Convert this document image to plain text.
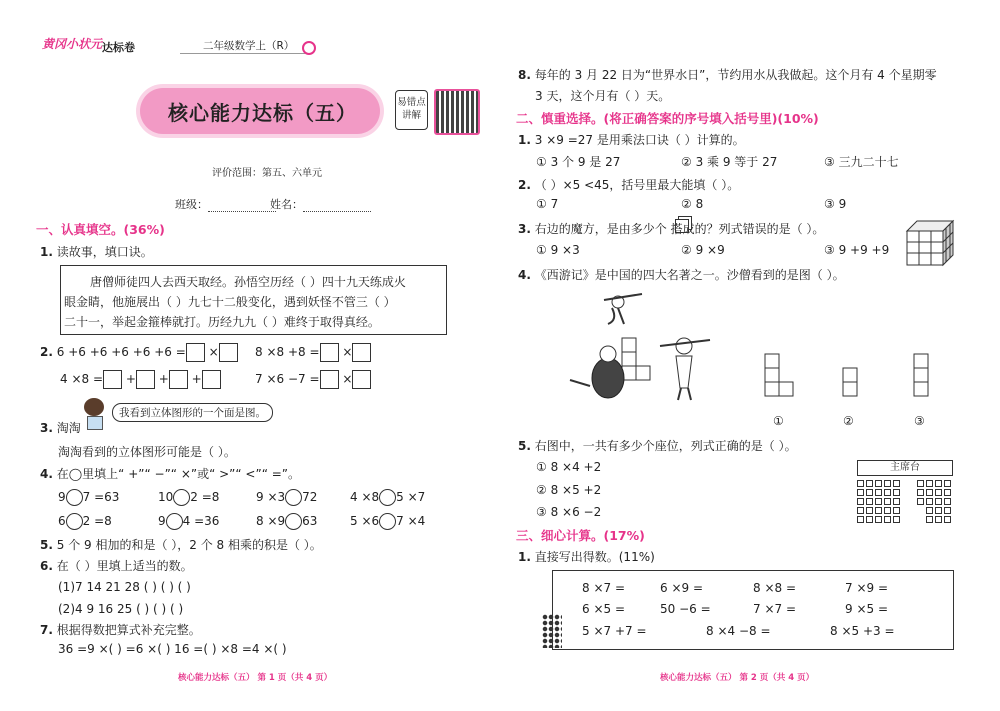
黄冈小状元 达标卷	二年级数学上（R）
核心能力达标（五）	易错点
讲解
评价范围：第五、六单元
班级：	姓名：
一、认真填空。(36%)
1. 读故事，填口诀。
唐僧师徒四人去西天取经。孙悟空历经（ ）四十九天练成火
眼金睛，他施展出（ ）九七十二般变化，遇到妖怪不管三（ ）
二十一，举起金箍棒就打。历经九九（ ）难终于取得真经。
2. 6 +6 +6 +6 +6 +6 = ×	8 ×8 +8 = ×
4 ×8 = + + +	7 ×6 −7 = ×
3. 淘淘
我看到立体图形的一个面是图。
淘淘看到的立体图形可能是（ ）。
4. 在◯里填上“ +”“ −”“ ×”或“ >”“ <”“ =”。
9 7 =63	10 2 =8	9 ×3 72	4 ×8 5 ×7
6 2 =8	9 4 =36	8 ×9 63	5 ×6 7 ×4
5. 5 个 9 相加的和是（ ），2 个 8 相乘的积是（ ）。
6. 在（ ）里填上适当的数。
(1)7 14 21 28 ( ) ( ) ( )
(2)4 9 16 25 ( ) ( ) ( )
7. 根据得数把算式补充完整。
36 =9 ×( ) =6 ×( ) 16 =( ) ×8 =4 ×( )
核心能力达标（五） 第 1 页（共 4 页）
8. 每年的 3 月 22 日为“世界水日”，节约用水从我做起。这个月有 4 个星期零
3 天，这个月有（ ）天。
二、慎重选择。(将正确答案的序号填入括号里)(10%)
1. 3 ×9 =27 是用乘法口诀（ ）计算的。
① 3 个 9 是 27	② 3 乘 9 等于 27	③ 三九二十七
2. （ ）×5 <45，括号里最大能填（ ）。
① 7	② 8	③ 9
3. 右边的魔方，是由多少个 搭成的？列式错误的是（ ）。
① 9 ×3	② 9 ×9	③ 9 +9 +9
4. 《西游记》是中国的四大名著之一。沙僧看到的是图（ ）。
①	②	③
5. 右图中，一共有多少个座位，列式正确的是（ ）。
① 8 ×4 +2
② 8 ×5 +2
③ 8 ×6 −2
主席台
三、细心计算。(17%)
1. 直接写出得数。(11%)
8 ×7 =	6 ×9 =	8 ×8 =	7 ×9 =
6 ×5 =	50 −6 =	7 ×7 =	9 ×5 =
5 ×7 +7 =	8 ×4 −8 =	8 ×5 +3 =
核心能力达标（五） 第 2 页（共 4 页）
